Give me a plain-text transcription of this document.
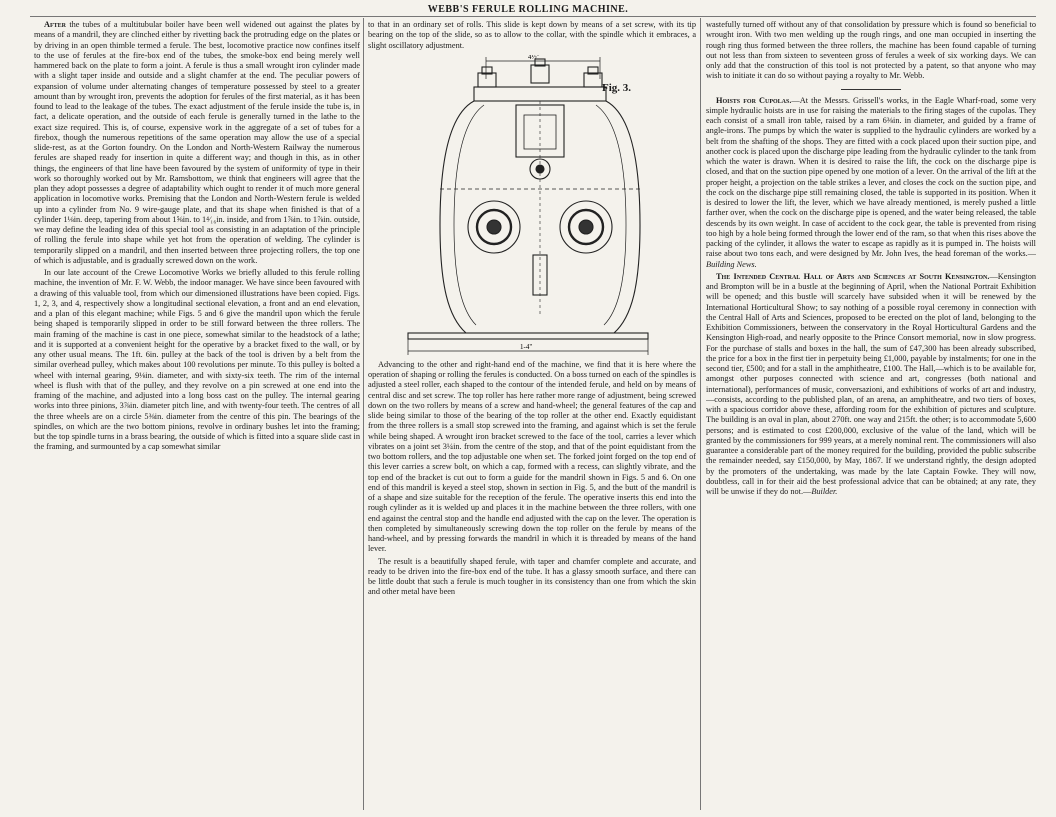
WEBB'S FERULE ROLLING MACHINE.

After the tubes of a multitubular boiler have been well widened out against the plates by means of a mandril, they are clinched either by rivetting back the protruding edge on the plates or by driving in an open thimble termed a ferule. The best, locomotive practice now confines itself to the use of ferules at the fire-box end of the tubes, the smoke-box end being merely well hammered back on the plate to form a joint. A ferule is thus a small wrought iron cylinder made with a slight taper inside and outside and a slight chamfer at the end. The peculiar powers of expansion of volume under alternating changes of temperature possessed by steel to a greater amount than by wrought iron, prevents the adoption for ferules of the first material, as it has been found to lead to the leakage of the tubes. The exact adjustment of the ferule inside the tube is, in fact, a delicate operation, and the outside of each ferule is generally turned in the lathe to the exact size required. This is, of course, expensive work in the aggregate of a set of tubes for a firebox, though the numerous repetitions of the same operation may allow the use of a special slide-rest, as at the Gorton foundry. On the London and North-Western Railway the numerous ferules are shaped ready for insertion in quite a different way; and though in this, as in other things, the engineers of that line have been favoured by the system of uniformity of type in their work so thoroughly worked out by Mr. Ramsbottom, we think that engineers will agree that the plan they adopt possesses a degree of adaptability which ought to render it of much more general application in locomotive works. Premising that the London and North-Western ferule is welded up into a cylinder from No. 9 wire-gauge plate, and that its shape when finished is that of a cylinder 1⅛in. deep, tapering from about 1⅝in. to 1⁴⁄₁₆in. inside, and from 1⅞in. to 1⅞in. outside, we may define the leading idea of this special tool as consisting in an adaptation of the principle of rolling the ferule into shape while yet hot from the operation of welding. The cylinder is temporarily slipped on a mandril, and then inserted between three projecting rollers, the top one of which is adjustable, and is gradually screwed down on the work.

In our late account of the Crewe Locomotive Works we briefly alluded to this ferule rolling machine, the invention of Mr. F. W. Webb, the indoor manager. We have since been favoured with a drawing of this valuable tool, from which our dimensioned illustrations have been copied. Figs. 1, 2, 3, and 4, respectively show a longitudinal sectional elevation, a front and an end elevation, and a plan of this elegant machine; while Figs. 5 and 6 give the mandril upon which the ferule being shaped is temporarily slipped in order to be still forward between the three rollers. The main framing of the machine is cast in one piece, somewhat similar to the headstock of a lathe; and it is supported at a convenient height for the operative by a bracket fixed to the wall, or by any other usual means. The 1ft. 6in. pulley at the back of the tool is driven by a belt from the similar overhead pulley, which makes about 100 revolutions per minute. To this pulley is bolted a wheel with internal gearing, 9⅛in. diameter, and with sixty-six teeth. The rim of the internal wheel is flush with that of the pulley, and they revolve on a pin screwed at one end into the framing of the machine, and adjusted into a long boss cast on the pulley. The internal gearing works into three pinions, 3⅞in. diameter pitch line, and with twenty-four teeth. The centres of all the three wheels are on a circle 5⅜in. diameter from the centre of this pin. The bearings of the spindles, on which are the two bottom pinions, revolve in ordinary bushes let into the framing; but the top spindle turns in a brass bearing, the outside of which is fitted into a square slide cast in the framing, and surmounted by a cap somewhat similar

to that in an ordinary set of rolls. This slide is kept down by means of a set screw, with its tip bearing on the top of the slide, so as to allow to the collar, with the spindle which it embraces, a slight oscillatory adjustment.

4½"
1-4"
Fig. 3.

Advancing to the other and right-hand end of the machine, we find that it is here where the operation of shaping or rolling the ferules is conducted. On a boss turned on each of the spindles is adjusted a steel roller, each shaped to the contour of the intended ferule, and held on by means of central disc and set screw. The top roller has here rather more range of adjustment, being screwed down on the two rollers by means of a screw and hand-wheel; the general features of the cap and slide being similar to those of the bearing of the top roller at the other end. Exactly equidistant from the three rollers is a small stop screwed into the framing, and against which is set the ferule while being shaped. A wrought iron bracket screwed to the face of the tool, carries a lever which vibrates on a joint set 3¼in. from the centre of the stop, and that of the point equidistant from the two bottom rollers, and the top adjustable one when set. The forked joint forged on the top end of this lever carries a screw bolt, on which a cap, formed with a recess, can slightly vibrate, and the top end of the bracket is cut out to form a guide for the mandril shown in Figs. 5 and 6. On one end of this mandril is keyed a steel stop, shown in section in Fig. 5, and the butt of the mandril is of a shape and size suitable for the reception of the ferule. The operative inserts this end into the rough cylinder as it is welded up and places it in the machine between the three rollers, with one end against the central stop and the handle end adjusted with the cap on the lever. The operation is then completed by simultaneously screwing down the top roller on the ferule by means of the hand-wheel, and by pressing forwards the mandril in which it is threaded by means of the hand lever.

The result is a beautifully shaped ferule, with taper and chamfer complete and accurate, and ready to be driven into the fire-box end of the tube. It has a glassy smooth surface, and there can be little doubt that such a ferule is much tougher in its consistency than one from which the skin and other metal have been

wastefully turned off without any of that consolidation by pressure which is found so beneficial to wrought iron. With two men welding up the rough rings, and one man occupied in inserting the rough ring thus formed between the three rollers, the machine has been found capable of turning out not less than from sixteen to seventeen gross of ferules a week of six working days. We can only add that the construction of this tool is not protected by a patent, so that anyone who may wish to initiate it can do so without paying a royalty to Mr. Webb.

Hoists for Cupolas.—At the Messrs. Grissell's works, in the Eagle Wharf-road, some very simple hydraulic hoists are in use for raising the materials to the firing stages of the cupolas. They each consist of a small iron table, raised by a ram 6⅜in. in diameter, and guided by a frame of angle-irons. The pumps by which the water is supplied to the hydraulic cylinders are worked by a belt from the shafting of the shops. They are fitted with a cock placed upon their suction pipe, and another cock is placed upon the discharge pipe leading from the hydraulic cylinder to the tank from which the water is drawn. When it is desired to raise the lift, the cock on the discharge pipe is closed, and that on the suction pipe opened by one motion of a lever. On the arrival of the lift at the proper height, a projection on the table strikes a lever, and closes the cock on the suction pipe, and the cock on the discharge pipe still remaining closed, the table is supported in its position. When it is desired to lower the lift, the lever, which we have already mentioned, is merely pushed a little farther over, when the cock on the discharge pipe is opened, and the water being released, the table descends by its own weight. In case of accident to the cock gear, the table is prevented from rising too high by a hole being formed through the lower end of the ram, so that when this rises above the packing of the cylinder, it allows the water to escape as rapidly as it is pumped in. The hoists will raise about two tons each, and were designed by Mr. John Ives, the head foreman of the works.—Building News.

The Intended Central Hall of Arts and Sciences at South Kensington.—Kensington and Brompton will be in a bustle at the beginning of April, when the National Portrait Exhibition will be opened; and this bustle will scarcely have subsided when it will be renewed by the International Horticultural Show; to say nothing of a possible royal ceremony in connection with the Central Hall of Arts and Sciences, proposed to be erected on the plot of land, belonging to the Exhibition Commissioners, between the conservatory in the Royal Horticultural Gardens and the Kensington High-road, and nearly opposite to the Prince Consort memorial, now in slow progress. For the purchase of stalls and boxes in the hall, the sum of £47,300 has been already subscribed, the price for a box in the first tier in perpetuity being £1,000, payable by instalments; for one in the second tier, £500; and for a stall in the amphitheatre, £100. The Hall,—which is to be available for, amongst other purposes connected with science and art, congresses (both national and international), performances of music, conversazioni, and exhibitions of works of art and industry, —consists, according to the published plan, of an arena, an amphitheatre, and two tiers of boxes, with a spacious corridor above these, affording room for the exhibition of pictures and sculpture. The building is an oval in plan, about 270ft. one way and 215ft. the other; is to accommodate 5,600 persons; and is estimated to cost £200,000, exclusive of the value of the land, which will be granted by the commissioners for 999 years, at a merely nominal rent. The commissioners will also guarantee a considerable part of the money required for the building, provided the public subscribe the remainder needed, say £150,000, by May, 1867. If we understand rightly, the design adopted by the promoters of the undertaking, was made by the late Captain Fowke. They will now, doubtless, call in for their aid the best professional advice that can be obtained; at any rate, they will be unwise if they do not.—Builder.
